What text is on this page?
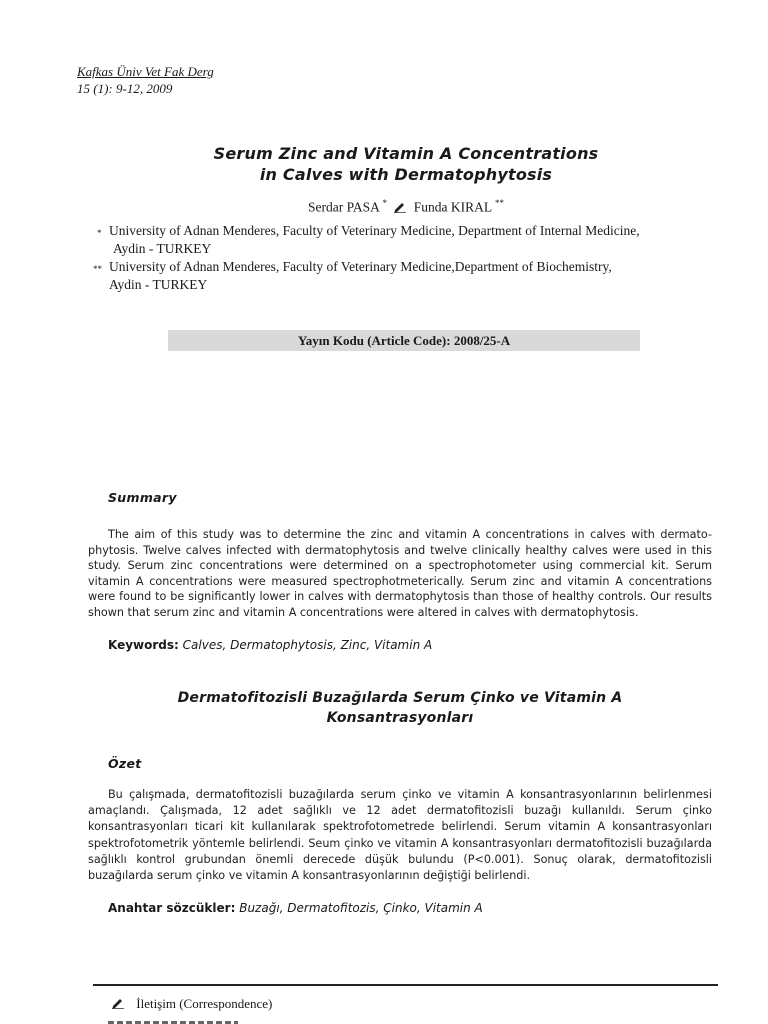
Kafkas Üniv Vet Fak Derg
15 (1): 9-12, 2009
Serum Zinc and Vitamin A Concentrations
in Calves with Dermatophytosis
Serdar PASA * Funda KIRAL **
* University of Adnan Menderes, Faculty of Veterinary Medicine, Department of Internal Medicine,
Aydin - TURKEY
** University of Adnan Menderes, Faculty of Veterinary Medicine,Department of Biochemistry,
Aydin - TURKEY
Yayın Kodu (Article Code): 2008/25-A
Summary
The aim of this study was to determine the zinc and vitamin A concentrations in calves with dermato-phytosis. Twelve calves infected with dermatophytosis and twelve clinically healthy calves were used in this study. Serum zinc concentrations were determined on a spectrophotometer using commercial kit. Serum vitamin A concentrations were measured spectrophotmeterically. Serum zinc and vitamin A concentrations were found to be significantly lower in calves with dermatophytosis than those of healthy controls. Our results shown that serum zinc and vitamin A concentrations were altered in calves with dermatophytosis.
Keywords: Calves, Dermatophytosis, Zinc, Vitamin A
Dermatofitozisli Buzağılarda Serum Çinko ve Vitamin A
Konsantrasyonları
Özet
Bu çalışmada, dermatofitozisli buzağılarda serum çinko ve vitamin A konsantrasyonlarının belirlenmesi amaçlandı. Çalışmada, 12 adet sağlıklı ve 12 adet dermatofitozisli buzağı kullanıldı. Serum çinko konsantrasyonları ticari kit kullanılarak spektrofotometrede belirlendi. Serum vitamin A konsantrasyonları spektrofotometrik yöntemle belirlendi. Seum çinko ve vitamin A konsantrasyonları dermatofitozisli buzağılarda sağlıklı kontrol grubundan önemli derecede düşük bulundu (P<0.001). Sonuç olarak, dermatofitozisli buzağılarda serum çinko ve vitamin A konsantrasyonlarının değiştiği belirlendi.
Anahtar sözcükler: Buzağı, Dermatofitozis, Çinko, Vitamin A
İletişim (Correspondence)
